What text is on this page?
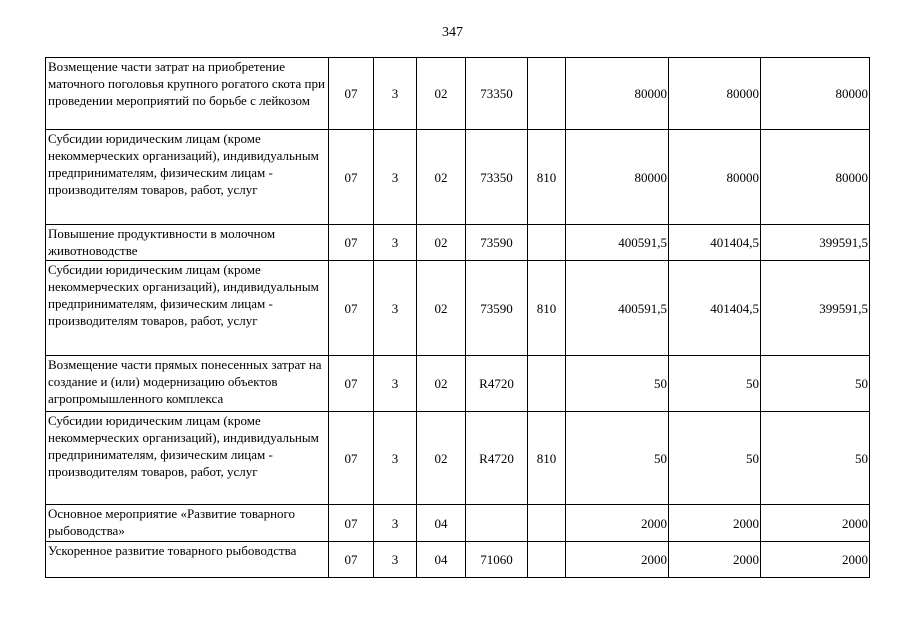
347
Возмещение части затрат на приобретение маточного поголовья крупного рогатого скота при проведении мероприятий по борьбе с лейкозом	07	3	02	73350		80000	80000	80000
Субсидии юридическим лицам (кроме некоммерческих организаций), индивидуальным предпринимателям, физическим лицам - производителям товаров, работ, услуг	07	3	02	73350	810	80000	80000	80000
Повышение продуктивности в молочном животноводстве	07	3	02	73590		400591,5	401404,5	399591,5
Субсидии юридическим лицам (кроме некоммерческих организаций), индивидуальным предпринимателям, физическим лицам - производителям товаров, работ, услуг	07	3	02	73590	810	400591,5	401404,5	399591,5
Возмещение части прямых понесенных затрат на создание и (или) модернизацию объектов агропромышленного комплекса	07	3	02	R4720		50	50	50
Субсидии юридическим лицам (кроме некоммерческих организаций), индивидуальным предпринимателям, физическим лицам - производителям товаров, работ, услуг	07	3	02	R4720	810	50	50	50
Основное мероприятие «Развитие товарного рыбоводства»	07	3	04			2000	2000	2000
Ускоренное развитие товарного рыбоводства	07	3	04	71060		2000	2000	2000
